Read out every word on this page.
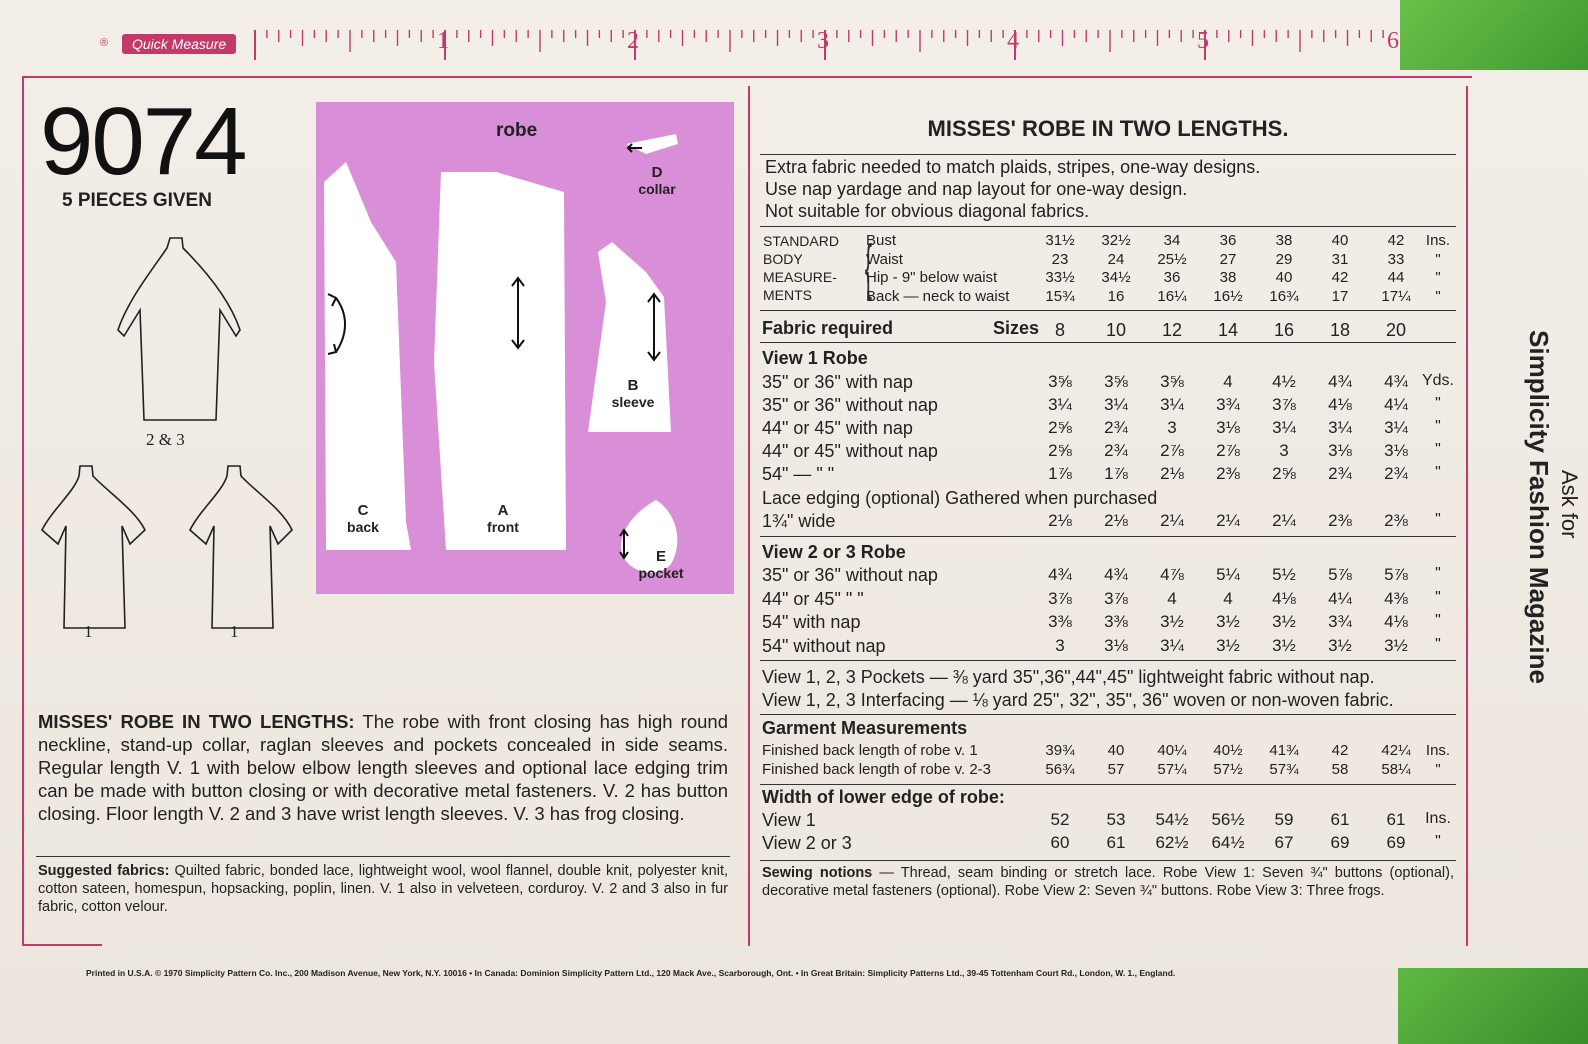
®	Quick Measure	1	2	3	4	5	6
9074
5 PIECES GIVEN
2 & 3
1	1
robe
D
collar
B
sleeve
C
back
A
front
E
pocket
MISSES' ROBE IN TWO LENGTHS: The robe with front closing has high round neckline, stand-up collar, raglan sleeves and pockets concealed in side seams. Regular length V. 1 with below elbow length sleeves and optional lace edging trim can be made with button closing or with decorative metal fasteners. V. 2 has button closing. Floor length V. 2 and 3 have wrist length sleeves. V. 3 has frog closing.
Suggested fabrics: Quilted fabric, bonded lace, lightweight wool, wool flannel, double knit, polyester knit, cotton sateen, homespun, hopsacking, poplin, linen. V. 1 also in velveteen, corduroy. V. 2 and 3 also in fur fabric, cotton velour.
MISSES' ROBE IN TWO LENGTHS.
Extra fabric needed to match plaids, stripes, one-way designs.
Use nap yardage and nap layout for one-way design.
Not suitable for obvious diagonal fabrics.
STANDARD
BODY
MEASURE-
MENTS {
Bust	31½	32½	34	36	38	40	42	Ins.
Waist	23	24	25½	27	29	31	33	"
Hip - 9" below waist	33½	34½	36	38	40	42	44	"
Back — neck to waist	15¾	16	16¼	16½	16¾	17	17¼	"
8	10	12	14	16	18	20
35" or 36" with nap	3⅝	3⅝	3⅝	4	4½	4¾	4¾ Yds.
35" or 36" without nap	3¼	3¼	3¼	3¾	3⅞	4⅛	4¼	"
44" or 45" with nap	2⅝	2¾	3	3⅛	3¼	3¼	3¼	"
44" or 45" without nap	2⅝	2¾	2⅞	2⅞	3	3⅛	3⅛	"
54" — " "	1⅞	1⅞	2⅛	2⅜	2⅝	2¾	2¾	"
1¾" wide	2⅛	2⅛	2¼	2¼	2¼	2⅜	2⅜	"
35" or 36" without nap	4¾	4¾	4⅞	5¼	5½	5⅞	5⅞	"
44" or 45" " "	3⅞	3⅞	4	4	4⅛	4¼	4⅜	"
54" with nap	3⅜	3⅜	3½	3½	3½	3¾	4⅛	"
54" without nap	3	3⅛	3¼	3½	3½	3½	3½	"
Finished back length of robe v. 1	39¾	40	40¼	40½	41¾	42	42¼	Ins.
Finished back length of robe v. 2-3	56¾	57	57¼	57½	57¾	58	58¼	"
View 1	52	53	54½	56½	59	61	61	Ins.
View 2 or 3	60	61	62½	64½	67	69	69	"
Fabric required	Sizes
View 1 Robe
Lace edging (optional) Gathered when purchased
View 2 or 3 Robe
View 1, 2, 3 Pockets — ⅜ yard 35",36",44",45" lightweight fabric without nap.
View 1, 2, 3 Interfacing — ⅛ yard 25", 32", 35", 36" woven or non-woven fabric.
Garment Measurements
Width of lower edge of robe:
Sewing notions — Thread, seam binding or stretch lace. Robe View 1: Seven ¾" buttons (optional), decorative metal fasteners (optional). Robe View 2: Seven ¾" buttons. Robe View 3: Three frogs.
Simplicity Fashion Magazine Ask for
Printed in U.S.A. © 1970 Simplicity Pattern Co. Inc., 200 Madison Avenue, New York, N.Y. 10016 • In Canada: Dominion Simplicity Pattern Ltd., 120 Mack Ave., Scarborough, Ont. • In Great Britain: Simplicity Patterns Ltd., 39-45 Tottenham Court Rd., London, W. 1., England.
